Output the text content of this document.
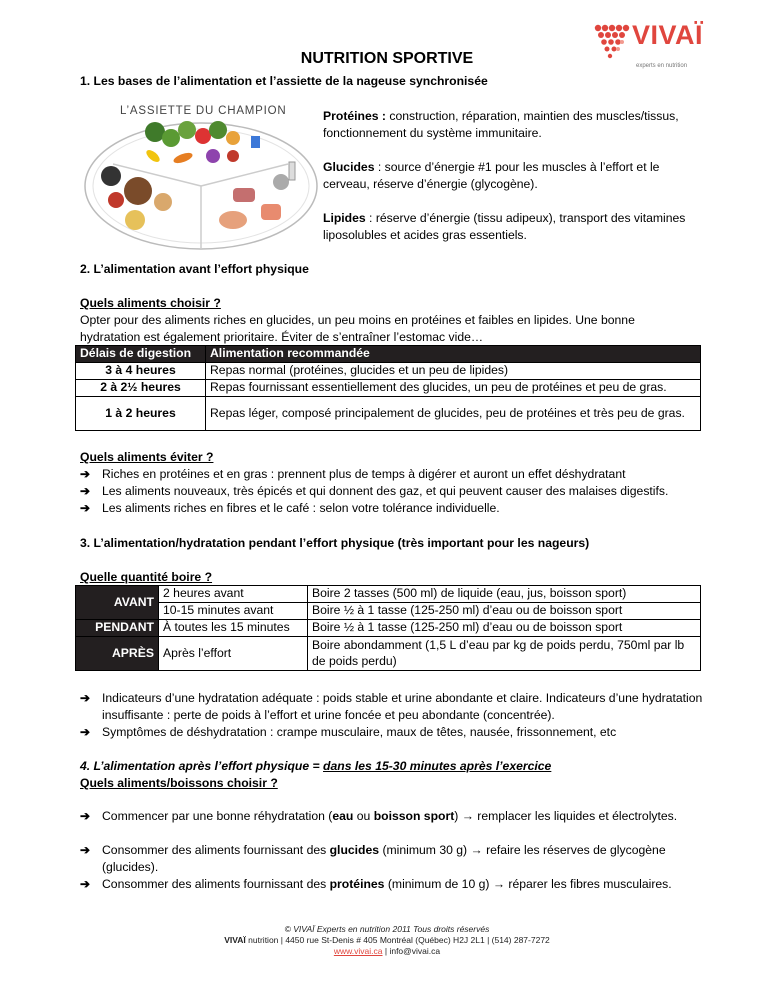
VIVAÏ
experts en nutrition
NUTRITION SPORTIVE
1. Les bases de l’alimentation et l’assiette de la nageuse synchronisée
L’ASSIETTE DU CHAMPION	Protéines : construction, réparation, maintien des muscles/tissus, fonctionnement du système immunitaire.

Glucides : source d’énergie #1 pour les muscles à l’effort et le cerveau, réserve d’énergie (glycogène).

Lipides : réserve d’énergie (tissu adipeux), transport des vitamines liposolubles et acides gras essentiels.

2. L’alimentation avant l’effort physique
Quels aliments choisir ?
Opter pour des aliments riches en glucides, un peu moins en protéines et faibles en lipides. Une bonne hydratation est également prioritaire. Éviter de s’entraîner l’estomac vide…
Délais de digestion	Alimentation recommandée
3 à 4 heures	Repas normal (protéines, glucides et un peu de lipides)
2 à 2½ heures	Repas fournissant essentiellement des glucides, un peu de protéines et peu de gras.
1 à 2 heures	Repas léger, composé principalement de glucides, peu de protéines et très peu de gras.
Quels aliments éviter ?
➔ Riches en protéines et en gras : prennent plus de temps à digérer et auront un effet déshydratant
➔ Les aliments nouveaux, très épicés et qui donnent des gaz, et qui peuvent causer des malaises digestifs.
➔ Les aliments riches en fibres et le café : selon votre tolérance individuelle.
3. L’alimentation/hydratation pendant l’effort physique (très important pour les nageurs)
Quelle quantité boire ?
AVANT	2 heures avant	Boire 2 tasses (500 ml) de liquide (eau, jus, boisson sport)
	10-15 minutes avant	Boire ½ à 1 tasse (125-250 ml) d’eau ou de boisson sport
PENDANT	À toutes les 15 minutes	Boire ½ à 1 tasse (125-250 ml) d’eau ou de boisson sport
APRÈS	Après l’effort	Boire abondamment (1,5 L d’eau par kg de poids perdu, 750ml par lb de poids perdu)
➔ Indicateurs d’une hydratation adéquate : poids stable et urine abondante et claire. Indicateurs d’une hydratation insuffisante : perte de poids à l’effort et urine foncée et peu abondante (concentrée).
➔ Symptômes de déshydratation : crampe musculaire, maux de têtes, nausée, frissonnement, etc
4. L’alimentation après l’effort physique = dans les 15-30 minutes après l’exercice
Quels aliments/boissons choisir ?
➔ Commencer par une bonne réhydratation (eau ou boisson sport) → remplacer les liquides et électrolytes.
➔ Consommer des aliments fournissant des glucides (minimum 30 g) → refaire les réserves de glycogène (glucides).
➔ Consommer des aliments fournissant des protéines (minimum de 10 g) → réparer les fibres musculaires.
© VIVAÏ Experts en nutrition 2011 Tous droits réservés
VIVAÏ nutrition | 4450 rue St-Denis # 405 Montréal (Québec) H2J 2L1 | (514) 287-7272
www.vivai.ca | info@vivai.ca
